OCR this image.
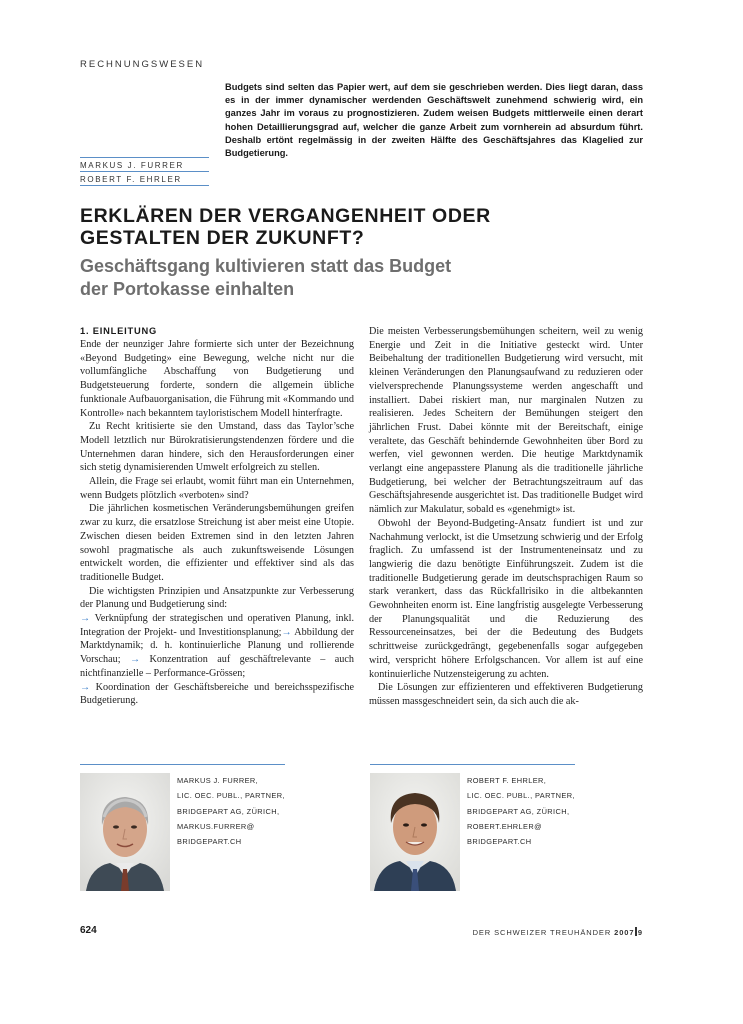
RECHNUNGSWESEN
Budgets sind selten das Papier wert, auf dem sie geschrieben werden. Dies liegt daran, dass es in der immer dynamischer werdenden Geschäftswelt zunehmend schwierig wird, ein ganzes Jahr im voraus zu prognostizieren. Zudem weisen Budgets mittlerweile einen derart hohen Detaillierungsgrad auf, welcher die ganze Arbeit zum vornherein ad absurdum führt. Deshalb ertönt regelmässig in der zweiten Hälfte des Geschäftsjahres das Klagelied zur Budgetierung.
MARKUS J. FURRER
ROBERT F. EHRLER
ERKLÄREN DER VERGANGENHEIT ODER
GESTALTEN DER ZUKUNFT?
Geschäftsgang kultivieren statt das Budget
der Portokasse einhalten
1. EINLEITUNG

Ende der neunziger Jahre formierte sich unter der Bezeichnung «Beyond Budgeting» eine Bewegung, welche nicht nur die vollumfängliche Abschaffung von Budgetierung und Budgetsteuerung forderte, sondern die allgemein übliche funktionale Aufbauorganisation, die Führung mit «Kommando und Kontrolle» nach bekanntem tayloristischem Modell hinterfragte.

Zu Recht kritisierte sie den Umstand, dass das Taylor’sche Modell letztlich nur Bürokratisierungstendenzen fördere und die Unternehmen daran hindere, sich den Herausforderungen einer sich stetig dynamisierenden Umwelt erfolgreich zu stellen.

Allein, die Frage sei erlaubt, womit führt man ein Unternehmen, wenn Budgets plötzlich «verboten» sind?

Die jährlichen kosmetischen Veränderungsbemühungen greifen zwar zu kurz, die ersatzlose Streichung ist aber meist eine Utopie. Zwischen diesen beiden Extremen sind in den letzten Jahren sowohl pragmatische als auch zukunftsweisende Lösungen entwickelt worden, die effizienter und effektiver sind als das traditionelle Budget.

Die wichtigsten Prinzipien und Ansatzpunkte zur Verbesserung der Planung und Budgetierung sind:

→ Verknüpfung der strategischen und operativen Planung, inkl. Integration der Projekt- und Investitionsplanung;→ Abbildung der Marktdynamik; d. h. kontinuierliche Planung und rollierende Vorschau; → Konzentration auf geschäftrelevante – auch nichtfinanzielle – Performance-Grössen;
→ Koordination der Geschäftsbereiche und bereichsspezifische Budgetierung.

Die meisten Verbesserungsbemühungen scheitern, weil zu wenig Energie und Zeit in die Initiative gesteckt wird. Unter Beibehaltung der traditionellen Budgetierung wird versucht, mit kleinen Veränderungen den Planungsaufwand zu reduzieren oder vielversprechende Planungssysteme werden angeschafft und installiert. Dabei riskiert man, nur marginalen Nutzen zu realisieren. Jedes Scheitern der Bemühungen steigert den jährlichen Frust. Dabei könnte mit der Bereitschaft, einige veraltete, das Geschäft behindernde Gewohnheiten über Bord zu werfen, viel gewonnen werden. Die heutige Marktdynamik verlangt eine angepasstere Planung als die traditionelle jährliche Budgetierung, bei welcher der Betrachtungszeitraum auf das Geschäftsjahresende ausgerichtet ist. Das traditionelle Budget wird nämlich zur Makulatur, sobald es «genehmigt» ist.

Obwohl der Beyond-Budgeting-Ansatz fundiert ist und zur Nachahmung verlockt, ist die Umsetzung schwierig und der Erfolg fraglich. Zu umfassend ist der Instrumenteneinsatz und zu langwierig die dazu benötigte Einführungszeit. Zudem ist die traditionelle Budgetierung gerade im deutschsprachigen Raum so stark verankert, dass das Rückfallrisiko in die altbekannten Gewohnheiten enorm ist. Eine langfristig ausgelegte Verbesserung der Planungsqualität und die Reduzierung des Ressourceneinsatzes, bei der die Bedeutung des Budgets schrittweise zurückgedrängt, gegebenenfalls sogar aufgegeben wird, verspricht höhere Erfolgschancen. Vor allem ist auf eine kontinuierliche Nutzensteigerung zu achten.

Die Lösungen zur effizienteren und effektiveren Budgetierung müssen massgeschneidert sein, da sich auch die ak-

MARKUS J. FURRER,
LIC. OEC. PUBL., PARTNER,
BRIDGEPART AG, ZÜRICH,
MARKUS.FURRER@
BRIDGEPART.CH
ROBERT F. EHRLER,
LIC. OEC. PUBL., PARTNER,
BRIDGEPART AG, ZÜRICH,
ROBERT.EHRLER@
BRIDGEPART.CH
624	DER SCHWEIZER TREUHÄNDER 2007 9
